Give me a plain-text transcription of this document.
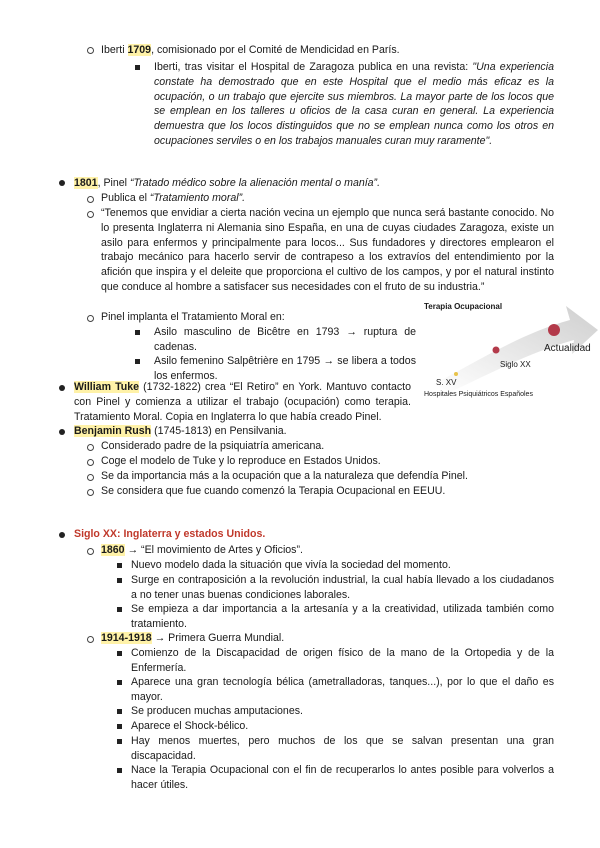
Iberti 1709, comisionado por el Comité de Mendicidad en París.
Iberti, tras visitar el Hospital de Zaragoza publica en una revista: "Una experiencia constate ha demostrado que en este Hospital que el medio más eficaz es la ocupación, o un trabajo que ejercite sus miembros. La mayor parte de los locos que se emplean en los talleres u oficios de la casa curan en general. La experiencia demuestra que los locos distinguidos que no se emplean nunca como los otros en ocupaciones serviles o en los trabajos manuales curan muy raramente".
1801, Pinel “Tratado médico sobre la alienación mental o manía”.
Publica el “Tratamiento moral”.
“Tenemos que envidiar a cierta nación vecina un ejemplo que nunca será bastante conocido. No lo presenta Inglaterra ni Alemania sino España, en una de cuyas ciudades Zaragoza, existe un asilo para enfermos y principalmente para locos... Sus fundadores y directores emplearon el trabajo mecánico para hacerlo servir de contrapeso a los extravíos del entendimiento por la afición que inspira y el deleite que proporciona el cultivo de los campos, y por el natural instinto que conduce al hombre a satisfacer sus necesidades con el fruto de su industria.”
Pinel implanta el Tratamiento Moral en:
Asilo masculino de Bicêtre en 1793 → ruptura de cadenas.
Asilo femenino Salpêtrière en 1795 → se libera a todos los enfermos.
Terapia Ocupacional
Actualidad
Siglo XX
S. XV
Hospitales Psiquiátricos Españoles
William Tuke (1732-1822) crea “El Retiro” en York. Mantuvo contacto con Pinel y comienza a utilizar el trabajo (ocupación) como terapia. Tratamiento Moral. Copia en Inglaterra lo que había creado Pinel.
Benjamin Rush (1745-1813) en Pensilvania.
Considerado padre de la psiquiatría americana.
Coge el modelo de Tuke y lo reproduce en Estados Unidos.
Se da importancia más a la ocupación que a la naturaleza que defendía Pinel.
Se considera que fue cuando comenzó la Terapia Ocupacional en EEUU.
Siglo XX: Inglaterra y estados Unidos.
1860 → “El movimiento de Artes y Oficios”.
Nuevo modelo dada la situación que vivía la sociedad del momento.
Surge en contraposición a la revolución industrial, la cual había llevado a los ciudadanos a no tener unas buenas condiciones laborales.
Se empieza a dar importancia a la artesanía y a la creatividad, utilizada también como tratamiento.
1914-1918 → Primera Guerra Mundial.
Comienzo de la Discapacidad de origen físico de la mano de la Ortopedia y de la Enfermería.
Aparece una gran tecnología bélica (ametralladoras, tanques...), por lo que el daño es mayor.
Se producen muchas amputaciones.
Aparece el Shock-bélico.
Hay menos muertes, pero muchos de los que se salvan presentan una gran discapacidad.
Nace la Terapia Ocupacional con el fin de recuperarlos lo antes posible para volverlos a hacer útiles.
